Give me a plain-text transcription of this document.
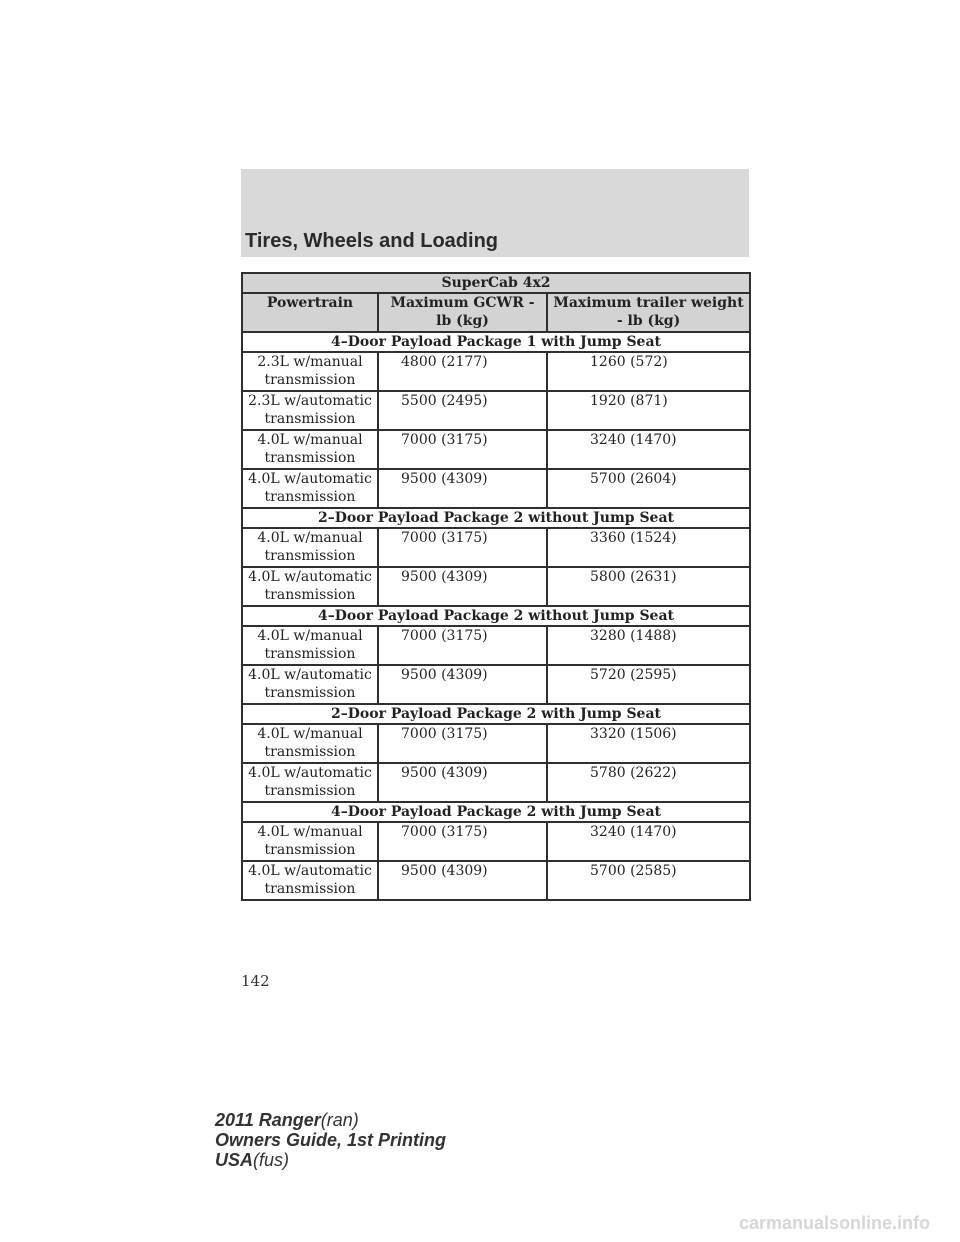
Tires, Wheels and Loading
SuperCab 4x2		
Powertrain	Maximum GCWR - lb (kg)	Maximum trailer weight - lb (kg)
4–Door Payload Package 1 with Jump Seat		
2.3L w/manual transmission	4800 (2177)	1260 (572)
2.3L w/automatic transmission	5500 (2495)	1920 (871)
4.0L w/manual transmission	7000 (3175)	3240 (1470)
4.0L w/automatic transmission	9500 (4309)	5700 (2604)
2–Door Payload Package 2 without Jump Seat		
4.0L w/manual transmission	7000 (3175)	3360 (1524)
4.0L w/automatic transmission	9500 (4309)	5800 (2631)
4–Door Payload Package 2 without Jump Seat		
4.0L w/manual transmission	7000 (3175)	3280 (1488)
4.0L w/automatic transmission	9500 (4309)	5720 (2595)
2–Door Payload Package 2 with Jump Seat		
4.0L w/manual transmission	7000 (3175)	3320 (1506)
4.0L w/automatic transmission	9500 (4309)	5780 (2622)
4–Door Payload Package 2 with Jump Seat		
4.0L w/manual transmission	7000 (3175)	3240 (1470)
4.0L w/automatic transmission	9500 (4309)	5700 (2585)
142
2011 Ranger(ran)
Owners Guide, 1st Printing
USA(fus)
carmanualsonline.info
